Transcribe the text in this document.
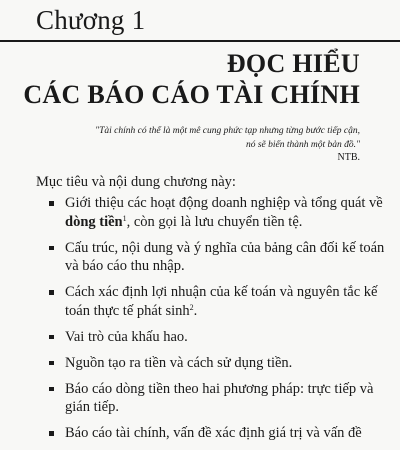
Chương 1
ĐỌC HIỂU
CÁC BÁO CÁO TÀI CHÍNH
"Tài chính có thể là một mê cung phức tạp nhưng từng bước tiếp cận,
nó sẽ biến thành một bản đồ."
NTB.
Mục tiêu và nội dung chương này:
Giới thiệu các hoạt động doanh nghiệp và tổng quát về
dòng tiền$^1$, còn gọi là lưu chuyển tiền tệ.
Cấu trúc, nội dung và ý nghĩa của bảng cân đối kế toán
và báo cáo thu nhập.
Cách xác định lợi nhuận của kế toán và nguyên tắc kế
toán thực tế phát $\sinh^2$.
Vai trò của khấu hao.
Nguồn tạo ra tiền và cách sử dụng tiền.
Báo cáo dòng tiền theo hai phương pháp: trực tiếp và
gián tiếp.
Báo cáo tài chính, vấn đề xác định giá trị và vấn đề
